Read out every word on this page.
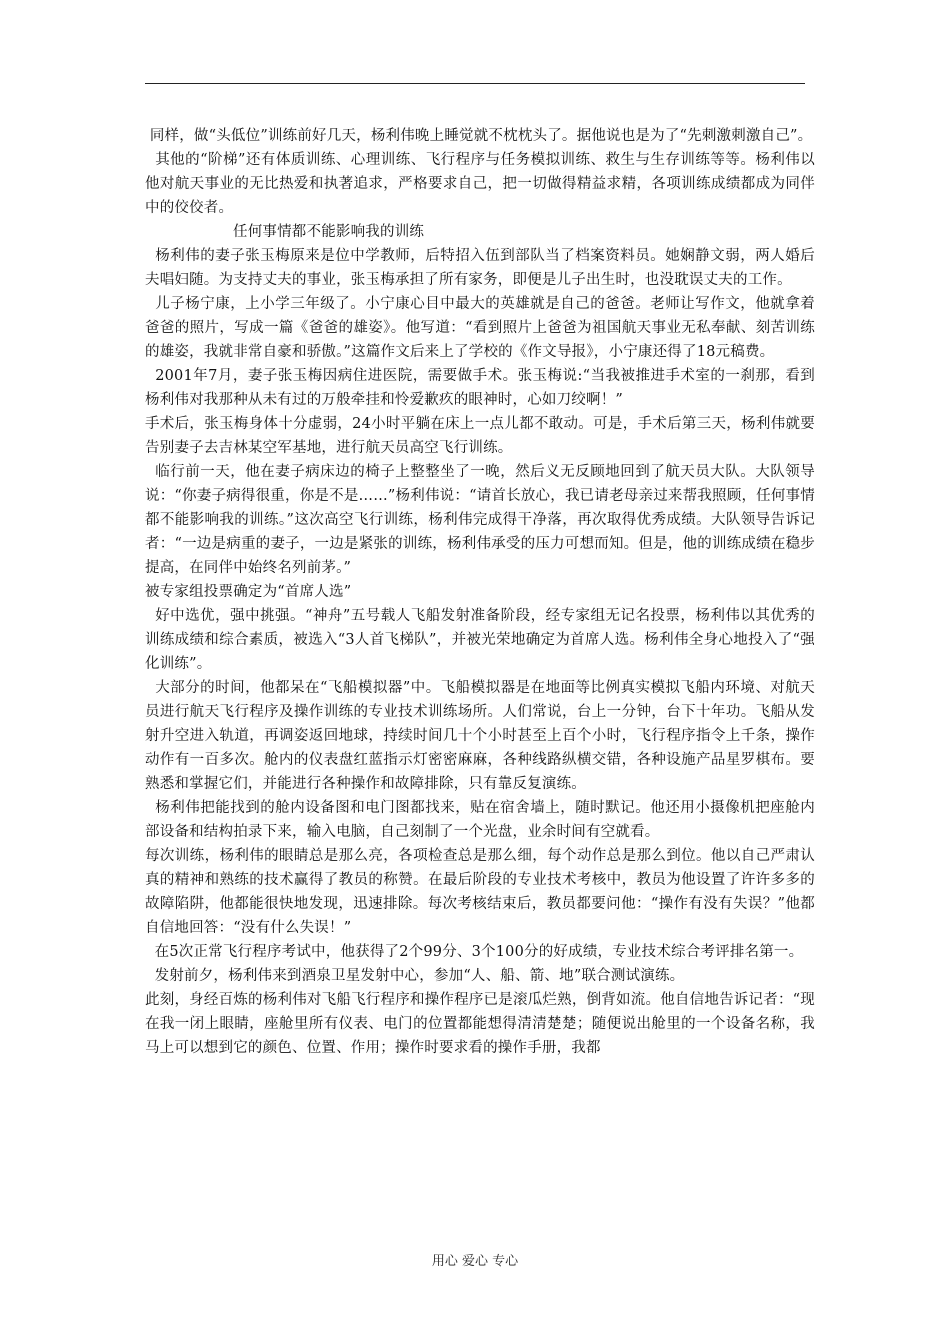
同样，做“头低位”训练前好几天，杨利伟晚上睡觉就不枕枕头了。据他说也是为了“先刺激刺激自己”。

其他的“阶梯”还有体质训练、心理训练、飞行程序与任务模拟训练、救生与生存训练等等。杨利伟以他对航天事业的无比热爱和执著追求，严格要求自己，把一切做得精益求精，各项训练成绩都成为同伴中的佼佼者。

任何事情都不能影响我的训练

杨利伟的妻子张玉梅原来是位中学教师，后特招入伍到部队当了档案资料员。她娴静文弱，两人婚后夫唱妇随。为支持丈夫的事业，张玉梅承担了所有家务，即便是儿子出生时，也没耽误丈夫的工作。

儿子杨宁康，上小学三年级了。小宁康心目中最大的英雄就是自己的爸爸。老师让写作文，他就拿着爸爸的照片，写成一篇《爸爸的雄姿》。他写道：“看到照片上爸爸为祖国航天事业无私奉献、刻苦训练的雄姿，我就非常自豪和骄傲。”这篇作文后来上了学校的《作文导报》，小宁康还得了18元稿费。

2001年7月，妻子张玉梅因病住进医院，需要做手术。张玉梅说:“当我被推进手术室的一刹那，看到杨利伟对我那种从未有过的万般牵挂和怜爱歉疚的眼神时，心如刀绞啊！”

手术后，张玉梅身体十分虚弱，24小时平躺在床上一点儿都不敢动。可是，手术后第三天，杨利伟就要告别妻子去吉林某空军基地，进行航天员高空飞行训练。

临行前一天，他在妻子病床边的椅子上整整坐了一晚，然后义无反顾地回到了航天员大队。大队领导说：“你妻子病得很重，你是不是……”杨利伟说：“请首长放心，我已请老母亲过来帮我照顾，任何事情都不能影响我的训练。”这次高空飞行训练，杨利伟完成得干净落，再次取得优秀成绩。大队领导告诉记者：“一边是病重的妻子，一边是紧张的训练，杨利伟承受的压力可想而知。但是，他的训练成绩在稳步提高，在同伴中始终名列前茅。”

被专家组投票确定为“首席人选”

好中选优，强中挑强。“神舟”五号载人飞船发射准备阶段，经专家组无记名投票，杨利伟以其优秀的训练成绩和综合素质，被选入“3人首飞梯队”，并被光荣地确定为首席人选。杨利伟全身心地投入了“强化训练”。

大部分的时间，他都呆在“飞船模拟器”中。飞船模拟器是在地面等比例真实模拟飞船内环境、对航天员进行航天飞行程序及操作训练的专业技术训练场所。人们常说，台上一分钟，台下十年功。飞船从发射升空进入轨道，再调姿返回地球，持续时间几十个小时甚至上百个小时，飞行程序指令上千条，操作动作有一百多次。舱内的仪表盘红蓝指示灯密密麻麻，各种线路纵横交错，各种设施产品星罗棋布。要熟悉和掌握它们，并能进行各种操作和故障排除，只有靠反复演练。

杨利伟把能找到的舱内设备图和电门图都找来，贴在宿舍墙上，随时默记。他还用小摄像机把座舱内部设备和结构拍录下来，输入电脑，自己刻制了一个光盘，业余时间有空就看。

每次训练，杨利伟的眼睛总是那么亮，各项检查总是那么细，每个动作总是那么到位。他以自己严肃认真的精神和熟练的技术赢得了教员的称赞。在最后阶段的专业技术考核中，教员为他设置了许许多多的故障陷阱，他都能很快地发现，迅速排除。每次考核结束后，教员都要问他：“操作有没有失误？”他都自信地回答：“没有什么失误！”

在5次正常飞行程序考试中，他获得了2个99分、3个100分的好成绩，专业技术综合考评排名第一。

发射前夕，杨利伟来到酒泉卫星发射中心，参加“人、船、箭、地”联合测试演练。

此刻，身经百炼的杨利伟对飞船飞行程序和操作程序已是滚瓜烂熟，倒背如流。他自信地告诉记者：“现在我一闭上眼睛，座舱里所有仪表、电门的位置都能想得清清楚楚；随便说出舱里的一个设备名称，我马上可以想到它的颜色、位置、作用；操作时要求看的操作手册，我都

用心 爱心 专心
